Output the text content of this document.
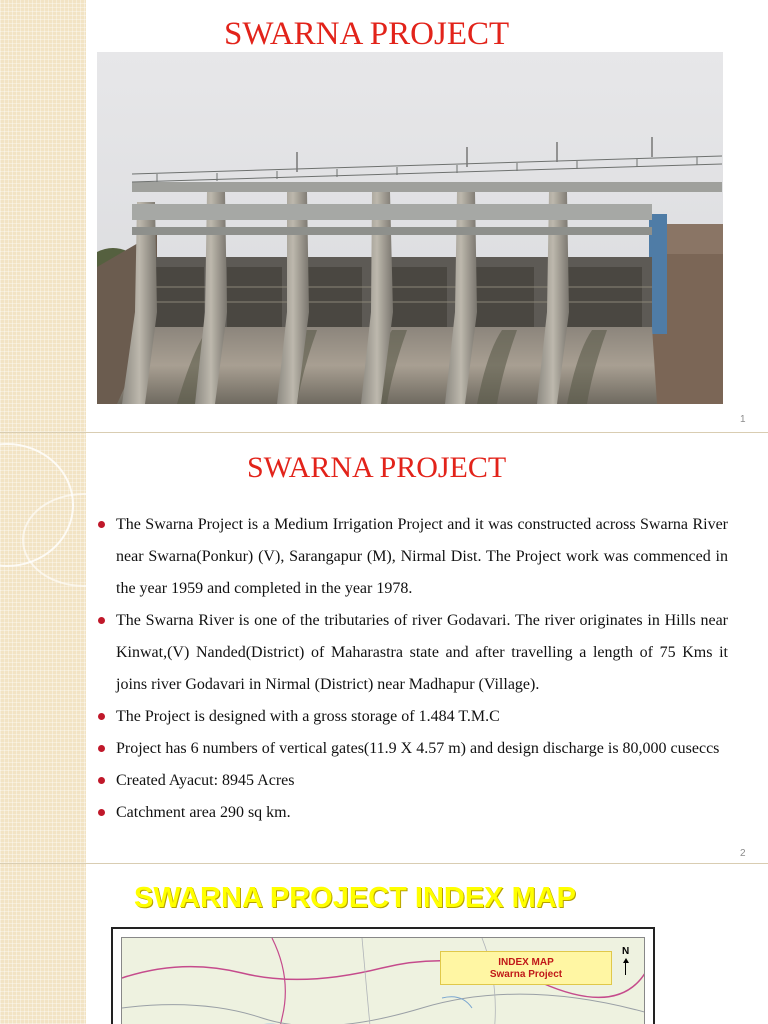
SWARNA PROJECT
1
SWARNA PROJECT
The Swarna Project is a Medium Irrigation Project and it was constructed across Swarna River near Swarna(Ponkur) (V), Sarangapur (M), Nirmal Dist. The Project work was commenced in the year 1959 and completed in the year 1978.
The Swarna River is one of the tributaries of river Godavari. The river originates in Hills near Kinwat,(V) Nanded(District) of Maharastra state and after travelling a length of 75 Kms it joins river Godavari in Nirmal (District) near Madhapur (Village).
The Project is designed with a gross storage of 1.484 T.M.C
Project has 6 numbers of vertical gates(11.9 X 4.57 m) and design discharge is 80,000 cuseccs
Created Ayacut: 8945 Acres
Catchment area 290 sq km.
2
SWARNA PROJECT INDEX MAP
INDEX MAP
Swarna Project
N
